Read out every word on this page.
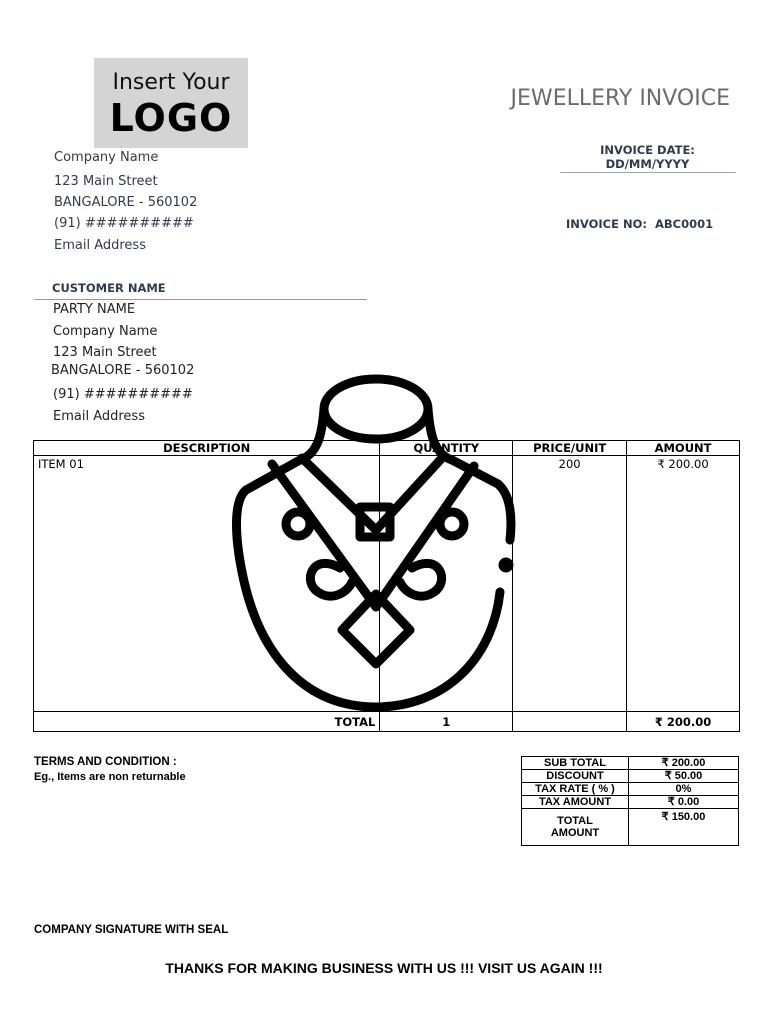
Insert Your
LOGO	JEWELLERY INVOICE
Company Name
123 Main Street
BANGALORE - 560102
(91) ##########
Email Address
INVOICE DATE:
DD/MM/YYYY
INVOICE NO: ABC0001
CUSTOMER NAME
PARTY NAME
Company Name
123 Main Street
BANGALORE - 560102
(91) ##########
Email Address
DESCRIPTION	QUANTITY	PRICE/UNIT	AMOUNT
ITEM 01		200	₹ 200.00
TOTAL	1		₹ 200.00
TERMS AND CONDITION :
Eg., Items are non returnable
SUB TOTAL	₹ 200.00
DISCOUNT	₹ 50.00
TAX RATE ( % )	0%
TAX AMOUNT	₹ 0.00

TOTAL
AMOUNT	₹ 150.00
COMPANY SIGNATURE WITH SEAL
THANKS FOR MAKING BUSINESS WITH US !!! VISIT US AGAIN !!!
